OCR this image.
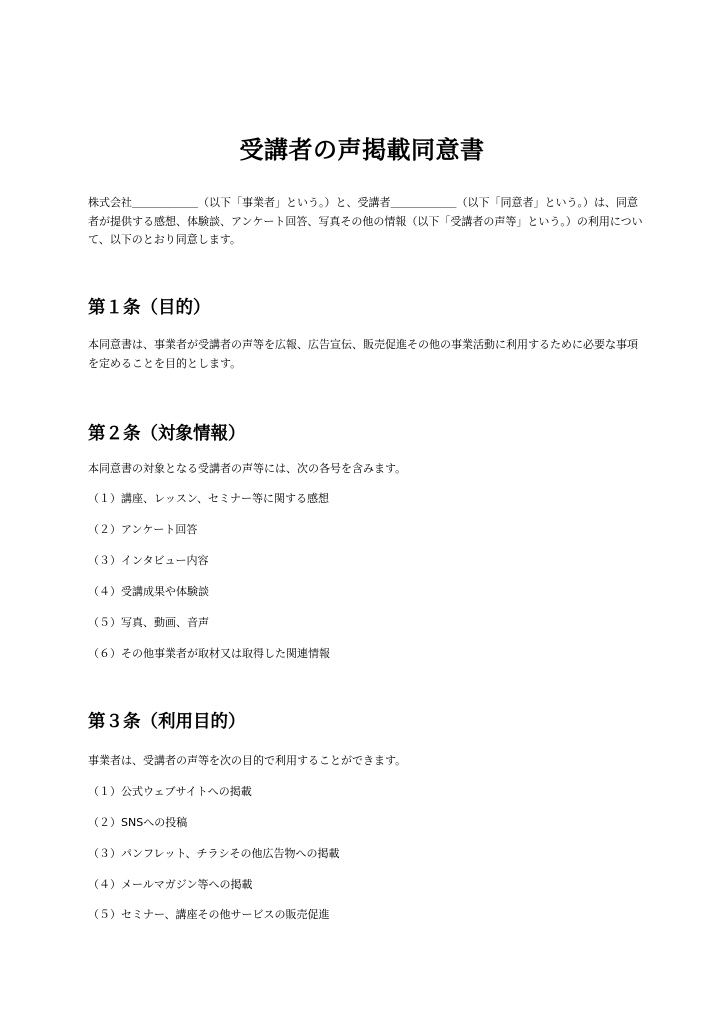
受講者の声掲載同意書

株式会社＿＿＿＿＿＿（以下「事業者」という。）と、受講者＿＿＿＿＿＿（以下「同意者」という。）は、同意者が提供する感想、体験談、アンケート回答、写真その他の情報（以下「受講者の声等」という。）の利用について、以下のとおり同意します。

第１条（目的）

本同意書は、事業者が受講者の声等を広報、広告宣伝、販売促進その他の事業活動に利用するために必要な事項を定めることを目的とします。

第２条（対象情報）

本同意書の対象となる受講者の声等には、次の各号を含みます。

（１）講座、レッスン、セミナー等に関する感想

（２）アンケート回答

（３）インタビュー内容

（４）受講成果や体験談

（５）写真、動画、音声

（６）その他事業者が取材又は取得した関連情報

第３条（利用目的）

事業者は、受講者の声等を次の目的で利用することができます。

（１）公式ウェブサイトへの掲載

（２）SNSへの投稿

（３）パンフレット、チラシその他広告物への掲載

（４）メールマガジン等への掲載

（５）セミナー、講座その他サービスの販売促進
